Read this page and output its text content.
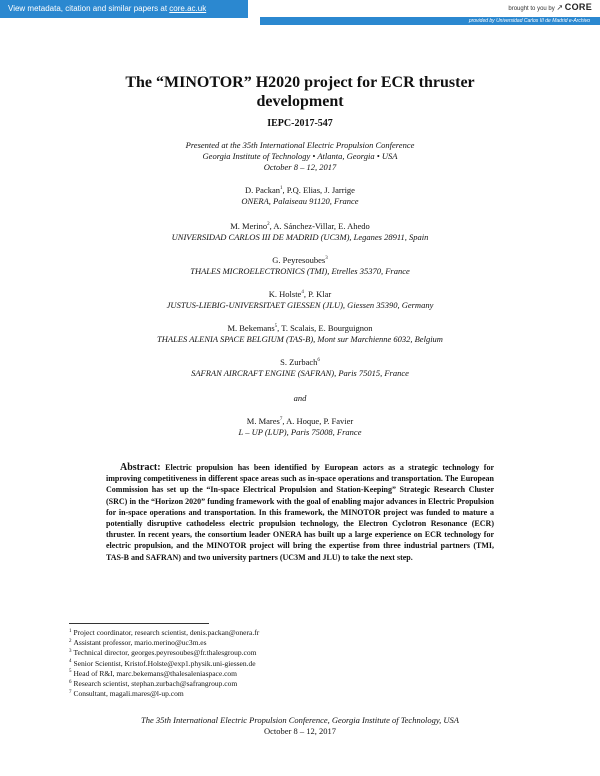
View metadata, citation and similar papers at core.ac.uk	brought to you by ↗ CORE
provided by Universidad Carlos III de Madrid e-Archivo
The “MINOTOR” H2020 project for ECR thruster
development
IEPC-2017-547
Presented at the 35th International Electric Propulsion Conference
Georgia Institute of Technology • Atlanta, Georgia • USA
October 8 – 12, 2017
D. Packan$^1$, P.Q. Elias, J. Jarrige
ONERA, Palaiseau 91120, France
M. Merino$^2$, A. Sánchez-Villar, E. Ahedo
UNIVERSIDAD CARLOS III DE MADRID (UC3M), Leganes 28911, Spain
G. Peyresoubes$^3$
THALES MICROELECTRONICS (TMI), Etrelles 35370, France
K. Holste$^4$, P. Klar
JUSTUS-LIEBIG-UNIVERSITAET GIESSEN (JLU), Giessen 35390, Germany
M. Bekemans$^5$, T. Scalais, E. Bourguignon
THALES ALENIA SPACE BELGIUM (TAS-B), Mont sur Marchienne 6032, Belgium
S. Zurbach$^6$
SAFRAN AIRCRAFT ENGINE (SAFRAN), Paris 75015, France
and
M. Mares$^7$, A. Hoque, P. Favier
L – UP (LUP), Paris 75008, France
Abstract: Electric propulsion has been identified by European actors as a strategic technology for improving competitiveness in different space areas such as in-space operations and transportation. The European Commission has set up the “In-space Electrical Propulsion and Station-Keeping” Strategic Research Cluster (SRC) in the “Horizon 2020” funding framework with the goal of enabling major advances in Electric Propulsion for in-space operations and transportation. In this framework, the MINOTOR project was funded to mature a potentially disruptive cathodeless electric propulsion technology, the Electron Cyclotron Resonance (ECR) thruster. In recent years, the consortium leader ONERA has built up a large experience on ECR technology for electric propulsion, and the MINOTOR project will bring the expertise from three industrial partners (TMI, TAS-B and SAFRAN) and two university partners (UC3M and JLU) to take the next step.
$^1$ Project coordinator, research scientist, denis.packan@onera.fr
$^2$ Assistant professor, mario.merino@uc3m.es
$^3$ Technical director, georges.peyresoubes@fr.thalesgroup.com
$^4$ Senior Scientist, Kristof.Holste@exp1.physik.uni-giessen.de
$^5$ Head of R&I, marc.bekemans@thalesaleniaspace.com
$^6$ Research scientist, stephan.zurbach@safrangroup.com
$^7$ Consultant, magali.mares@l-up.com
The 35th International Electric Propulsion Conference, Georgia Institute of Technology, USA
October 8 – 12, 2017
